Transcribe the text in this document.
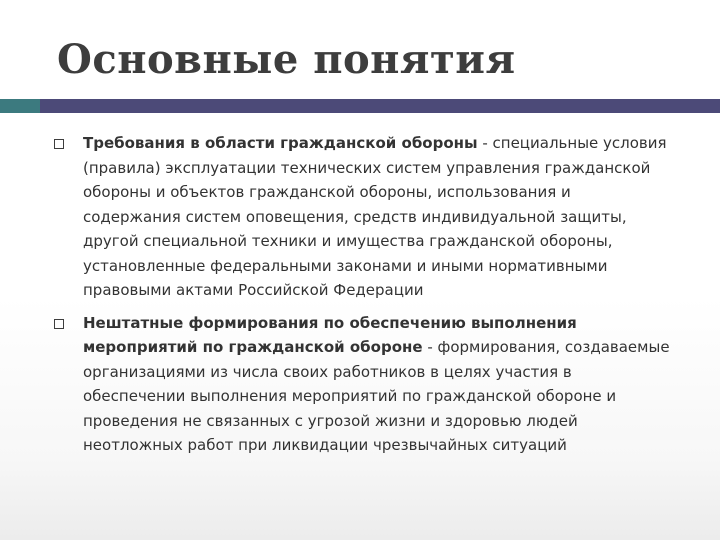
Основные понятия
Требования в области гражданской обороны - специальные условия (правила) эксплуатации технических систем управления гражданской обороны и объектов гражданской обороны, использования и содержания систем оповещения, средств индивидуальной защиты, другой специальной техники и имущества гражданской обороны, установленные федеральными законами и иными нормативными правовыми актами Российской Федерации
Нештатные формирования по обеспечению выполнения мероприятий по гражданской обороне - формирования, создаваемые организациями из числа своих работников в целях участия в обеспечении выполнения мероприятий по гражданской обороне и проведения не связанных с угрозой жизни и здоровью людей неотложных работ при ликвидации чрезвычайных ситуаций
